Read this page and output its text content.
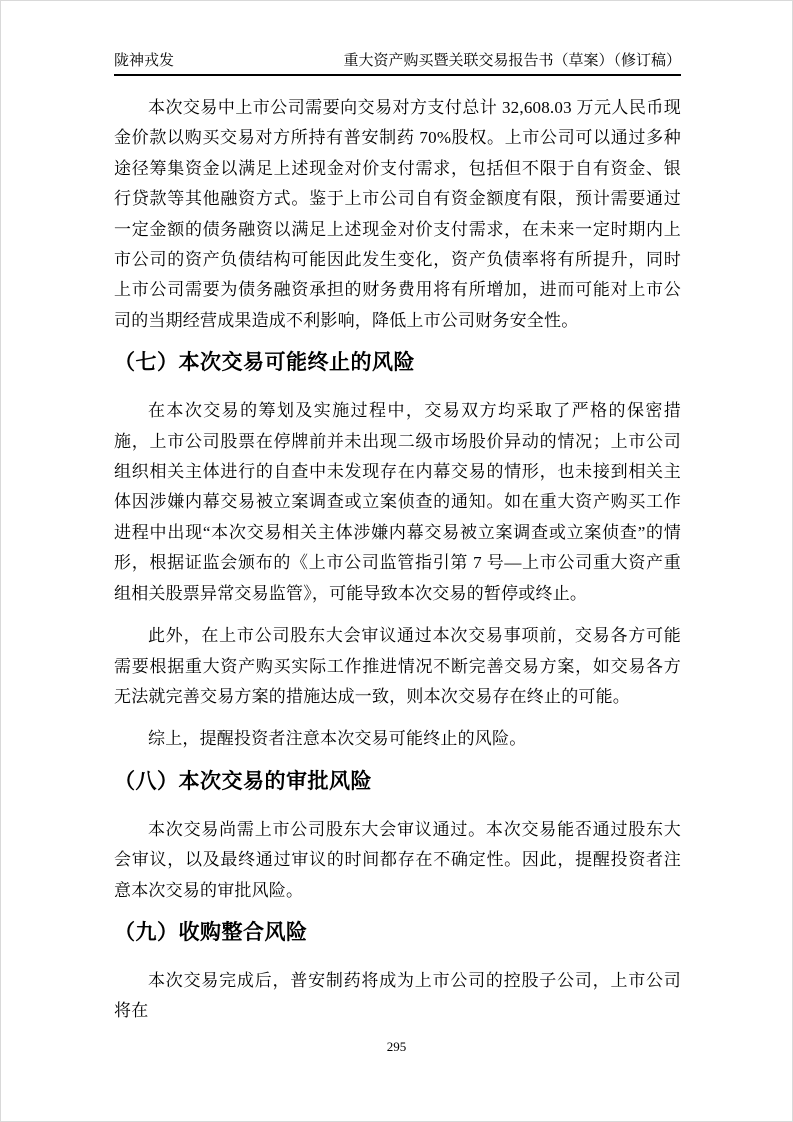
陇神戎发	重大资产购买暨关联交易报告书（草案）（修订稿）

本次交易中上市公司需要向交易对方支付总计 32,608.03 万元人民币现金价款以购买交易对方所持有普安制药 70%股权。上市公司可以通过多种途径筹集资金以满足上述现金对价支付需求，包括但不限于自有资金、银行贷款等其他融资方式。鉴于上市公司自有资金额度有限，预计需要通过一定金额的债务融资以满足上述现金对价支付需求，在未来一定时期内上市公司的资产负债结构可能因此发生变化，资产负债率将有所提升，同时上市公司需要为债务融资承担的财务费用将有所增加，进而可能对上市公司的当期经营成果造成不利影响，降低上市公司财务安全性。

（七）本次交易可能终止的风险

在本次交易的筹划及实施过程中，交易双方均采取了严格的保密措施，上市公司股票在停牌前并未出现二级市场股价异动的情况；上市公司组织相关主体进行的自查中未发现存在内幕交易的情形，也未接到相关主体因涉嫌内幕交易被立案调查或立案侦查的通知。如在重大资产购买工作进程中出现“本次交易相关主体涉嫌内幕交易被立案调查或立案侦查”的情形，根据证监会颁布的《上市公司监管指引第 7 号—上市公司重大资产重组相关股票异常交易监管》，可能导致本次交易的暂停或终止。

此外，在上市公司股东大会审议通过本次交易事项前，交易各方可能需要根据重大资产购买实际工作推进情况不断完善交易方案，如交易各方无法就完善交易方案的措施达成一致，则本次交易存在终止的可能。

综上，提醒投资者注意本次交易可能终止的风险。

（八）本次交易的审批风险

本次交易尚需上市公司股东大会审议通过。本次交易能否通过股东大会审议，以及最终通过审议的时间都存在不确定性。因此，提醒投资者注意本次交易的审批风险。

（九）收购整合风险

本次交易完成后，普安制药将成为上市公司的控股子公司，上市公司将在

295
